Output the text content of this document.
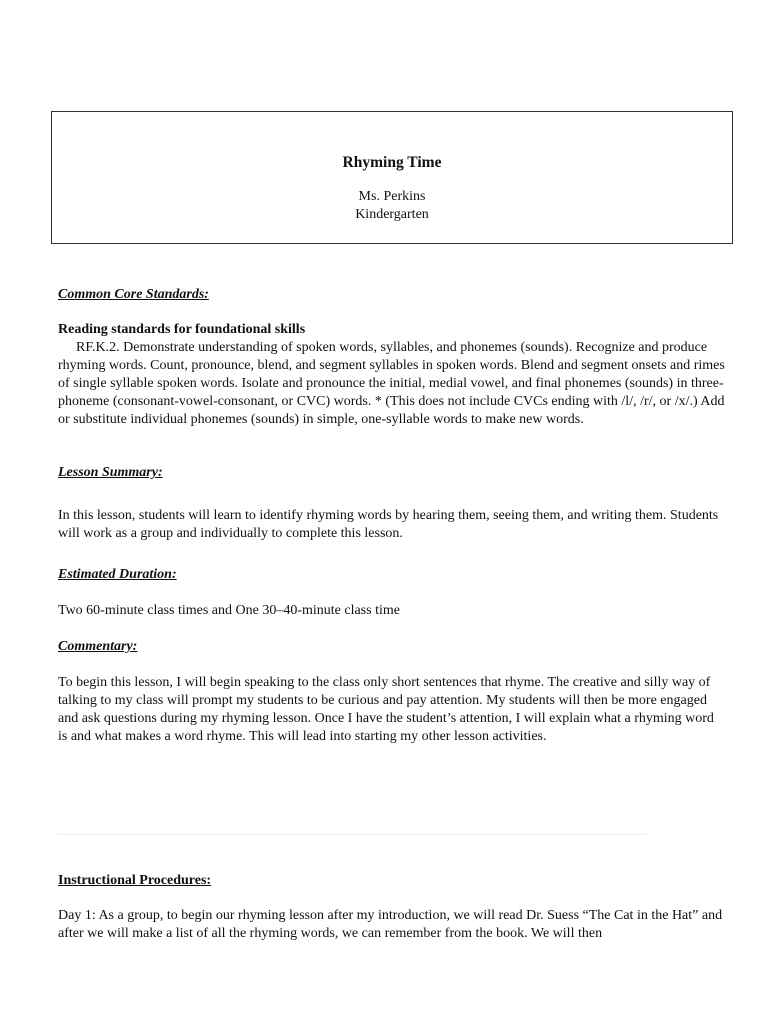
Rhyming Time
Ms. Perkins
Kindergarten
Common Core Standards:
Reading standards for foundational skills
RF.K.2. Demonstrate understanding of spoken words, syllables, and phonemes (sounds). Recognize and produce rhyming words. Count, pronounce, blend, and segment syllables in spoken words. Blend and segment onsets and rimes of single syllable spoken words. Isolate and pronounce the initial, medial vowel, and final phonemes (sounds) in three-phoneme (consonant-vowel-consonant, or CVC) words. * (This does not include CVCs ending with /l/, /r/, or /x/.) Add or substitute individual phonemes (sounds) in simple, one-syllable words to make new words.
Lesson Summary:
In this lesson, students will learn to identify rhyming words by hearing them, seeing them, and writing them. Students will work as a group and individually to complete this lesson.
Estimated Duration:
Two 60-minute class times and One 30–40-minute class time
Commentary:
To begin this lesson, I will begin speaking to the class only short sentences that rhyme. The creative and silly way of talking to my class will prompt my students to be curious and pay attention. My students will then be more engaged and ask questions during my rhyming lesson. Once I have the student’s attention, I will explain what a rhyming word is and what makes a word rhyme. This will lead into starting my other lesson activities.
Instructional Procedures:
Day 1: As a group, to begin our rhyming lesson after my introduction, we will read Dr. Suess “The Cat in the Hat” and after we will make a list of all the rhyming words, we can remember from the book. We will then
